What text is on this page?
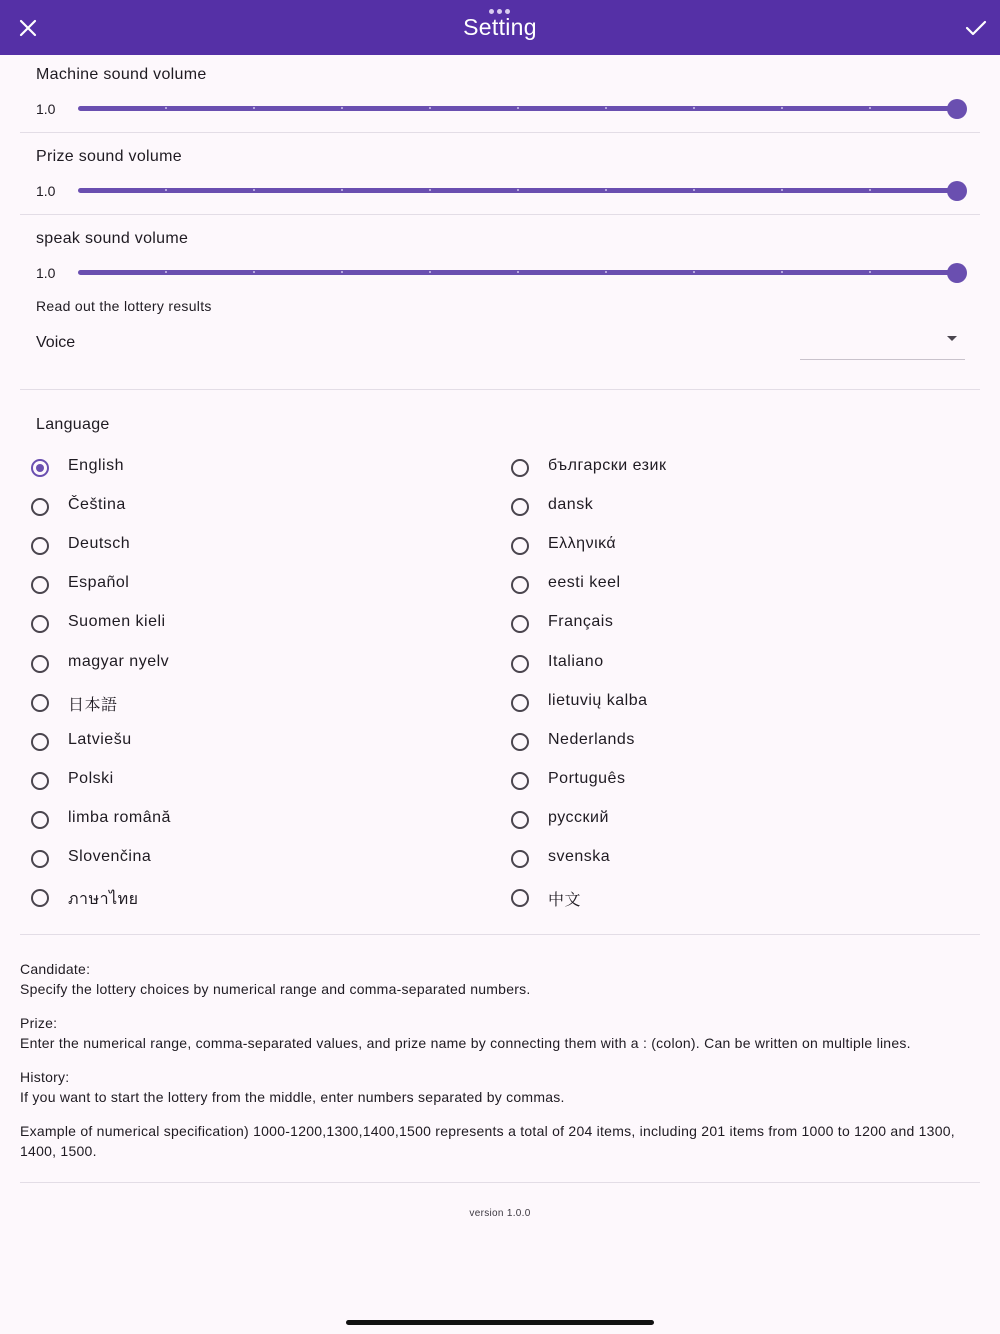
Setting
Machine sound volume
1.0
Prize sound volume
1.0
speak sound volume
1.0
Read out the lottery results
Voice
Language
English
Čeština
Deutsch
Español
Suomen kieli
magyar nyelv
日本語
Latviešu
Polski
limba română
Slovenčina
ภาษาไทย
български език
dansk
Ελληνικά
eesti keel
Français
Italiano
lietuvių kalba
Nederlands
Português
русский
svenska
中文

Candidate:

Specify the lottery choices by numerical range and comma-separated numbers.

Prize:

Enter the numerical range, comma-separated values, and prize name by connecting them with a : (colon). Can be written on multiple lines.

History:

If you want to start the lottery from the middle, enter numbers separated by commas.

Example of numerical specification) 1000-1200,1300,1400,1500 represents a total of 204 items, including 201 items from 1000 to 1200 and 1300, 1400, 1500.

version 1.0.0
